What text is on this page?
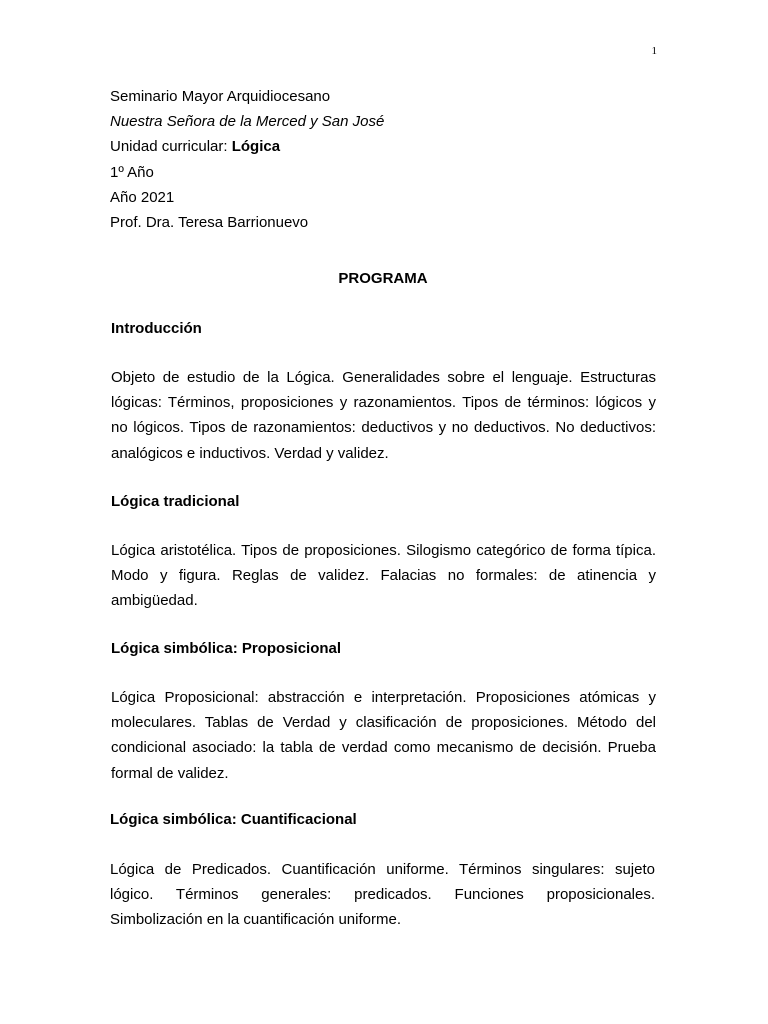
1
Seminario Mayor Arquidiocesano
Nuestra Señora de la Merced y San José
Unidad curricular: Lógica
1º Año
Año 2021
Prof. Dra. Teresa Barrionuevo
PROGRAMA
Introducción
Objeto de estudio de la Lógica. Generalidades sobre el lenguaje. Estructuras lógicas: Términos, proposiciones y razonamientos. Tipos de términos: lógicos y no lógicos. Tipos de razonamientos: deductivos y no deductivos. No deductivos: analógicos e inductivos. Verdad y validez.
Lógica tradicional
Lógica aristotélica. Tipos de proposiciones. Silogismo categórico de forma típica. Modo y figura. Reglas de validez. Falacias no formales: de atinencia y ambigüedad.
Lógica simbólica: Proposicional
Lógica Proposicional: abstracción e interpretación. Proposiciones atómicas y moleculares. Tablas de Verdad y clasificación de proposiciones. Método del condicional asociado: la tabla de verdad como mecanismo de decisión. Prueba formal de validez.
Lógica simbólica: Cuantificacional
Lógica de Predicados. Cuantificación uniforme. Términos singulares: sujeto lógico. Términos generales: predicados. Funciones proposicionales. Simbolización en la cuantificación uniforme.
